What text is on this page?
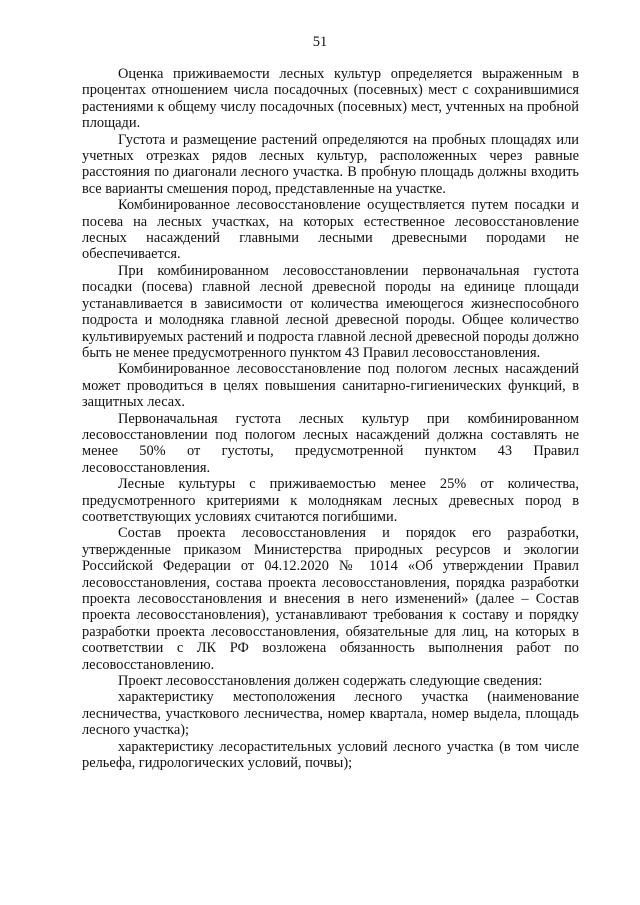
51

Оценка приживаемости лесных культур определяется выраженным в процентах отношением числа посадочных (посевных) мест с сохранившимися растениями к общему числу посадочных (посевных) мест, учтенных на пробной площади.

Густота и размещение растений определяются на пробных площадях или учетных отрезках рядов лесных культур, расположенных через равные расстояния по диагонали лесного участка. В пробную площадь должны входить все варианты смешения пород, представленные на участке.

Комбинированное лесовосстановление осуществляется путем посадки и посева на лесных участках, на которых естественное лесовосстановление лесных насаждений главными лесными древесными породами не обеспечивается.

При комбинированном лесовосстановлении первоначальная густота посадки (посева) главной лесной древесной породы на единице площади устанавливается в зависимости от количества имеющегося жизнеспособного подроста и молодняка главной лесной древесной породы. Общее количество культивируемых растений и подроста главной лесной древесной породы должно быть не менее предусмотренного пунктом 43 Правил лесовосстановления.

Комбинированное лесовосстановление под пологом лесных насаждений может проводиться в целях повышения санитарно-гигиенических функций, в защитных лесах.

Первоначальная густота лесных культур при комбинированном лесовосстановлении под пологом лесных насаждений должна составлять не менее 50% от густоты, предусмотренной пунктом 43 Правил лесовосстановления.

Лесные культуры с приживаемостью менее 25% от количества, предусмотренного критериями к молоднякам лесных древесных пород в соответствующих условиях считаются погибшими.

Состав проекта лесовосстановления и порядок его разработки, утвержденные приказом Министерства природных ресурсов и экологии Российской Федерации от 04.12.2020 № 1014 «Об утверждении Правил лесовосстановления, состава проекта лесовосстановления, порядка разработки проекта лесовосстановления и внесения в него изменений» (далее – Состав проекта лесовосстановления), устанавливают требования к составу и порядку разработки проекта лесовосстановления, обязательные для лиц, на которых в соответствии с ЛК РФ возложена обязанность выполнения работ по лесовосстановлению.

Проект лесовосстановления должен содержать следующие сведения:

характеристику местоположения лесного участка (наименование лесничества, участкового лесничества, номер квартала, номер выдела, площадь лесного участка);

характеристику лесорастительных условий лесного участка (в том числе рельефа, гидрологических условий, почвы);
